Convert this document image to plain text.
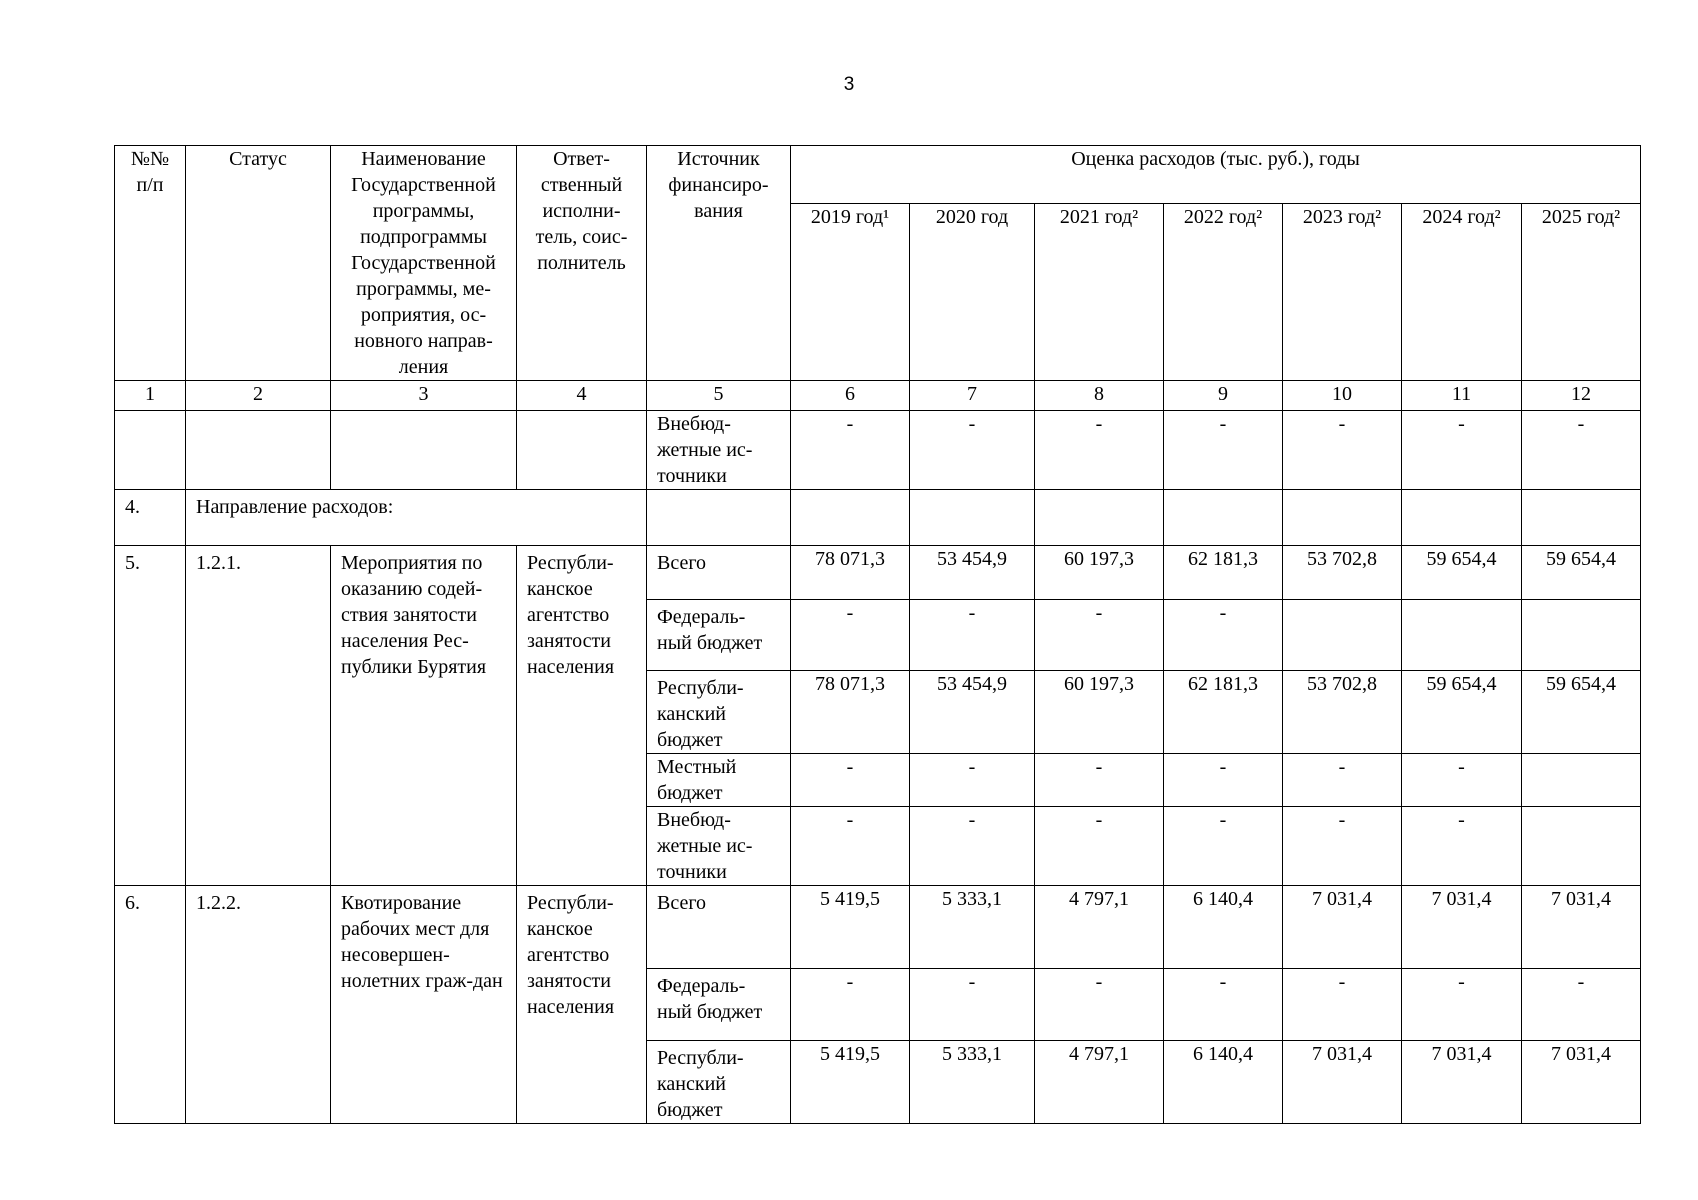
3
№№ п/п	Статус	Наименование Государственной программы, подпрограммы Государственной программы, ме-роприятия, ос-новного направ-ления	Ответ-ственный исполни-тель, соис-полнитель	Источник финансиро-вания	Оценка расходов (тыс. руб.), годы						
					2019 год¹	2020 год	2021 год²	2022 год²	2023 год²	2024 год²	2025 год²
1	2	3	4	5	6	7	8	9	10	11	12
				Внебюд-жетные ис-точники	-	-	-	-	-	-	-
4.	Направление расходов:										
5.	1.2.1.	Мероприятия по оказанию содей-ствия занятости населения Рес-публики Бурятия	Республи-канское агентство занятости населения	Всего	78 071,3	53 454,9	60 197,3	62 181,3	53 702,8	59 654,4	59 654,4
				Федераль-ный бюджет	-	-	-	-			
				Республи-канский бюджет	78 071,3	53 454,9	60 197,3	62 181,3	53 702,8	59 654,4	59 654,4
				Местный бюджет	-	-	-	-	-	-	
				Внебюд-жетные ис-точники	-	-	-	-	-	-	
6.	1.2.2.	Квотирование рабочих мест для несовершен-нолетних граж-дан	Республи-канское агентство занятости населения	Всего	5 419,5	5 333,1	4 797,1	6 140,4	7 031,4	7 031,4	7 031,4
				Федераль-ный бюджет	-	-	-	-	-	-	-
				Республи-канский бюджет	5 419,5	5 333,1	4 797,1	6 140,4	7 031,4	7 031,4	7 031,4
